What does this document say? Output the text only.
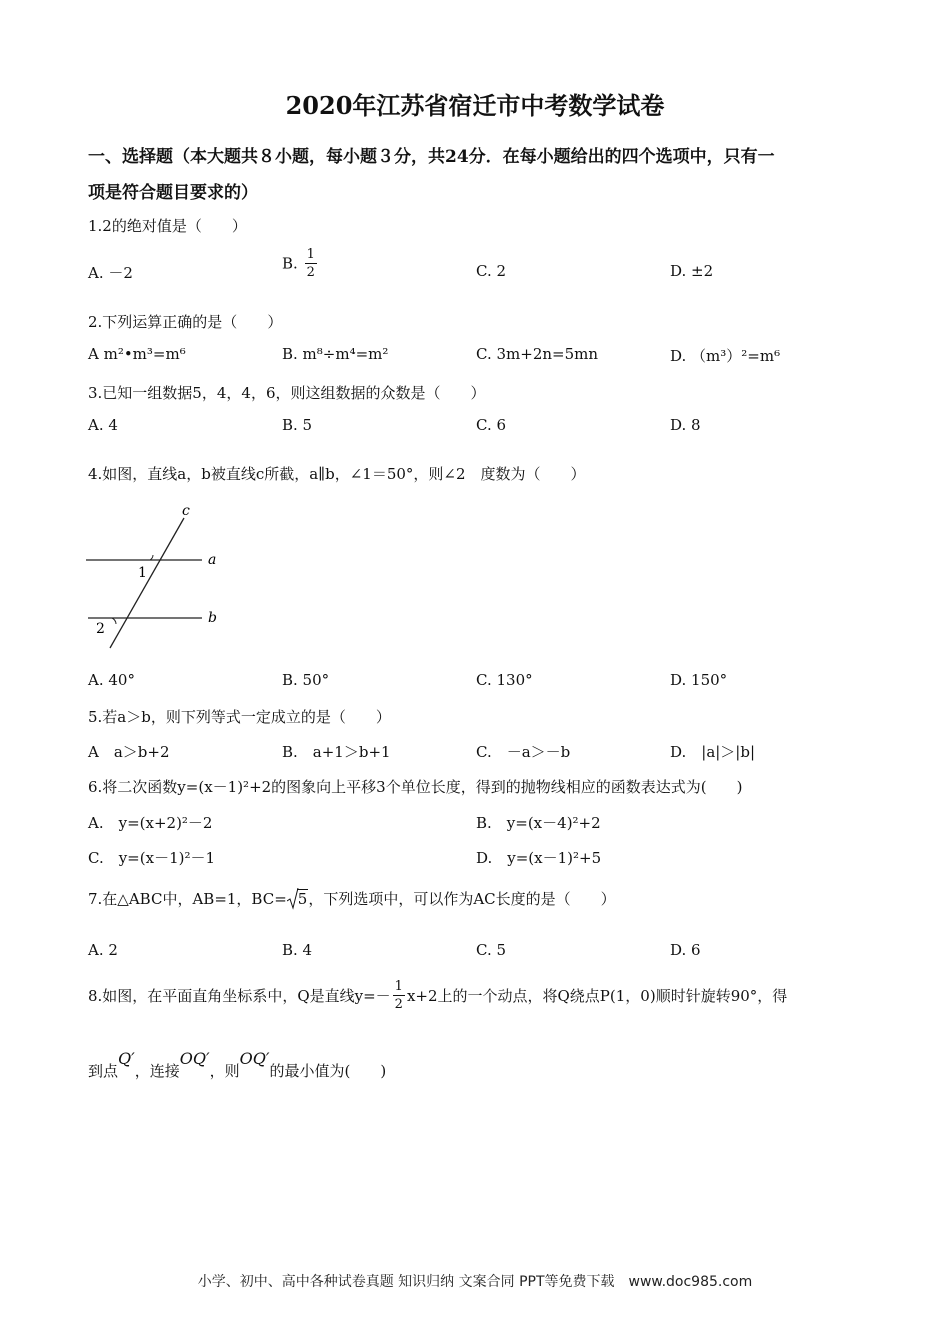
2020年江苏省宿迁市中考数学试卷
一、选择题（本大题共８小题，每小题３分，共24分．在每小题给出的四个选项中，只有一
项是符合题目要求的）
1.2的绝对值是（　　）
A. －2
B. $\frac{1}{2}$	C. 2	D. ±2
2.下列运算正确的是（　　）
A m²•m³=m⁶	B. m⁸÷m⁴=m²	C. 3m+2n=5mn	D. （m³）²=m⁶
3.已知一组数据5，4，4，6，则这组数据的众数是（　　）
A. 4	B. 5	C. 6	D. 8
4.如图，直线a，b被直线c所截，a∥b，∠1＝50°，则∠2　度数为（　　）
c
a
b
1
2
A. 40°	B. 50°	C. 130°	D. 150°
5.若a＞b，则下列等式一定成立的是（　　）
A　a＞b+2	B.　a+1＞b+1	C.　－a＞－b	D.　|a|＞|b|
6.将二次函数y=(x－1)²+2的图象向上平移3个单位长度，得到的抛物线相应的函数表达式为(　　)
A.　y=(x+2)²－2	B.　y=(x－4)²+2
C.　y=(x－1)²－1	D.　y=(x－1)²+5
7.在△ABC中，AB=1，BC= 5，下列选项中，可以作为AC长度的是（　　）
A. 2	B. 4	C. 5	D. 6
8.如图，在平面直角坐标系中，Q是直线$y=- \frac{1}{2} x+2$上的一个动点，将Q绕点P(1，0)顺时针旋转90°，得
到点Q′，连接OQ′，则OQ′的最小值为(　　)
小学、初中、高中各种试卷真题 知识归纳 文案合同 PPT等免费下载　www.doc985.com
